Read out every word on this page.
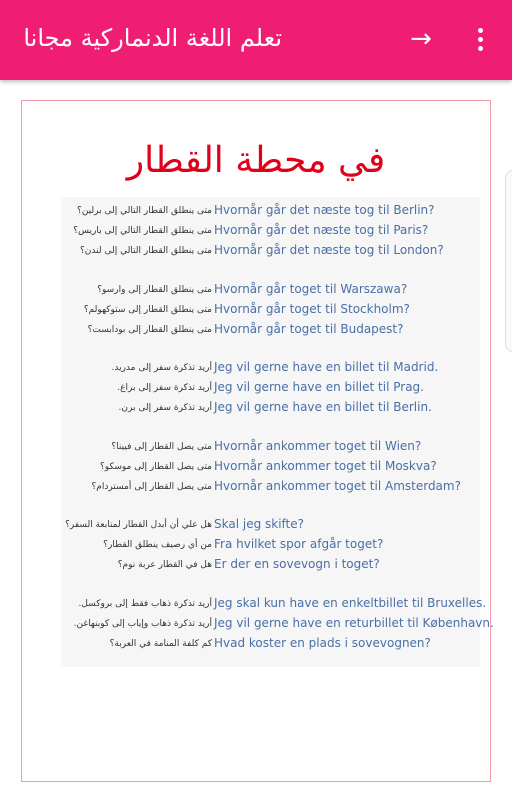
تعلم اللغة الدنماركية مجانا	→
في محطة القطار
متى ينطلق القطار التالي إلى برلين؟ Hvornår går det næste tog til Berlin?
متى ينطلق القطار التالي إلى باريس؟ Hvornår går det næste tog til Paris?
متى ينطلق القطار التالي إلى لندن؟ Hvornår går det næste tog til London?
متى ينطلق القطار إلى وارسو؟ Hvornår går toget til Warszawa?
متى ينطلق القطار إلى ستوكهولم؟ Hvornår går toget til Stockholm?
متى ينطلق القطار إلى بودابست؟ Hvornår går toget til Budapest?
أريد تذكرة سفر إلى مدريد. Jeg vil gerne have en billet til Madrid.
أريد تذكرة سفر إلى براغ. Jeg vil gerne have en billet til Prag.
أريد تذكرة سفر إلى برن. Jeg vil gerne have en billet til Berlin.
متى يصل القطار إلى فيينا؟ Hvornår ankommer toget til Wien?
متى يصل القطار إلى موسكو؟ Hvornår ankommer toget til Moskva?
متى يصل القطار إلى أمستردام؟ Hvornår ankommer toget til Amsterdam?
هل علي أن أبدل القطار لمتابعة السفر؟ Skal jeg skifte?
من أي رصيف ينطلق القطار؟ Fra hvilket spor afgår toget?
هل في القطار عربة نوم؟ Er der en sovevogn i toget?
أريد تذكرة ذهاب فقط إلى بروكسل. Jeg skal kun have en enkeltbillet til Bruxelles.
أريد تذكرة ذهاب وإياب إلى كوبنهاغن. Jeg vil gerne have en returbillet til København.
كم كلفة المنامة في العربة؟ Hvad koster en plads i sovevognen?
